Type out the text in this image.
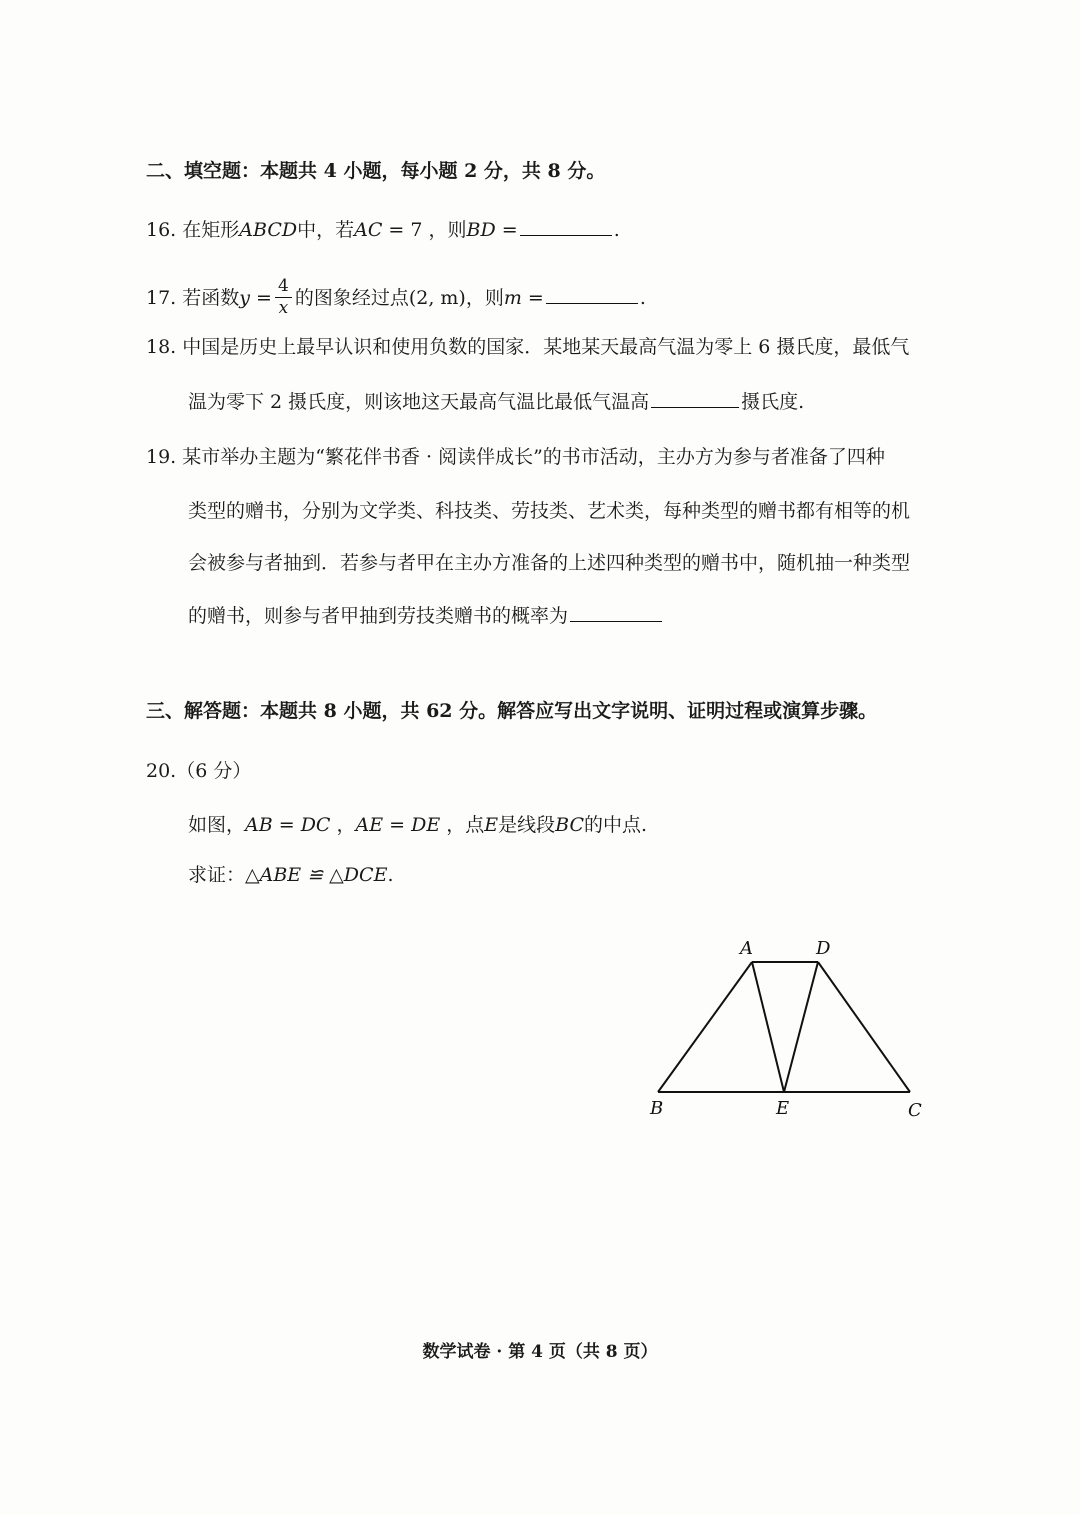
二、填空题：本题共 4 小题，每小题 2 分，共 8 分。
16. 在矩形ABCD中，若AC = 7 ，则BD =	.
17. 若函数$y = \frac{4}{x}$ 的图象经过点(2, m)，则m =	.
18. 中国是历史上最早认识和使用负数的国家．某地某天最高气温为零上 6 摄氏度，最低气
温为零下 2 摄氏度，则该地这天最高气温比最低气温高	摄氏度.
19. 某市举办主题为“繁花伴书香 · 阅读伴成长”的书市活动，主办方为参与者准备了四种
类型的赠书，分别为文学类、科技类、劳技类、艺术类，每种类型的赠书都有相等的机
会被参与者抽到．若参与者甲在主办方准备的上述四种类型的赠书中，随机抽一种类型
的赠书，则参与者甲抽到劳技类赠书的概率为
三、解答题：本题共 8 小题，共 62 分。解答应写出文字说明、证明过程或演算步骤。
20.（6 分）
如图，AB = DC ，AE = DE ，点E是线段BC的中点.
求证：△ABE ≌ △DCE.
A	D
B	E	C
数学试卷 · 第 4 页（共 8 页）
